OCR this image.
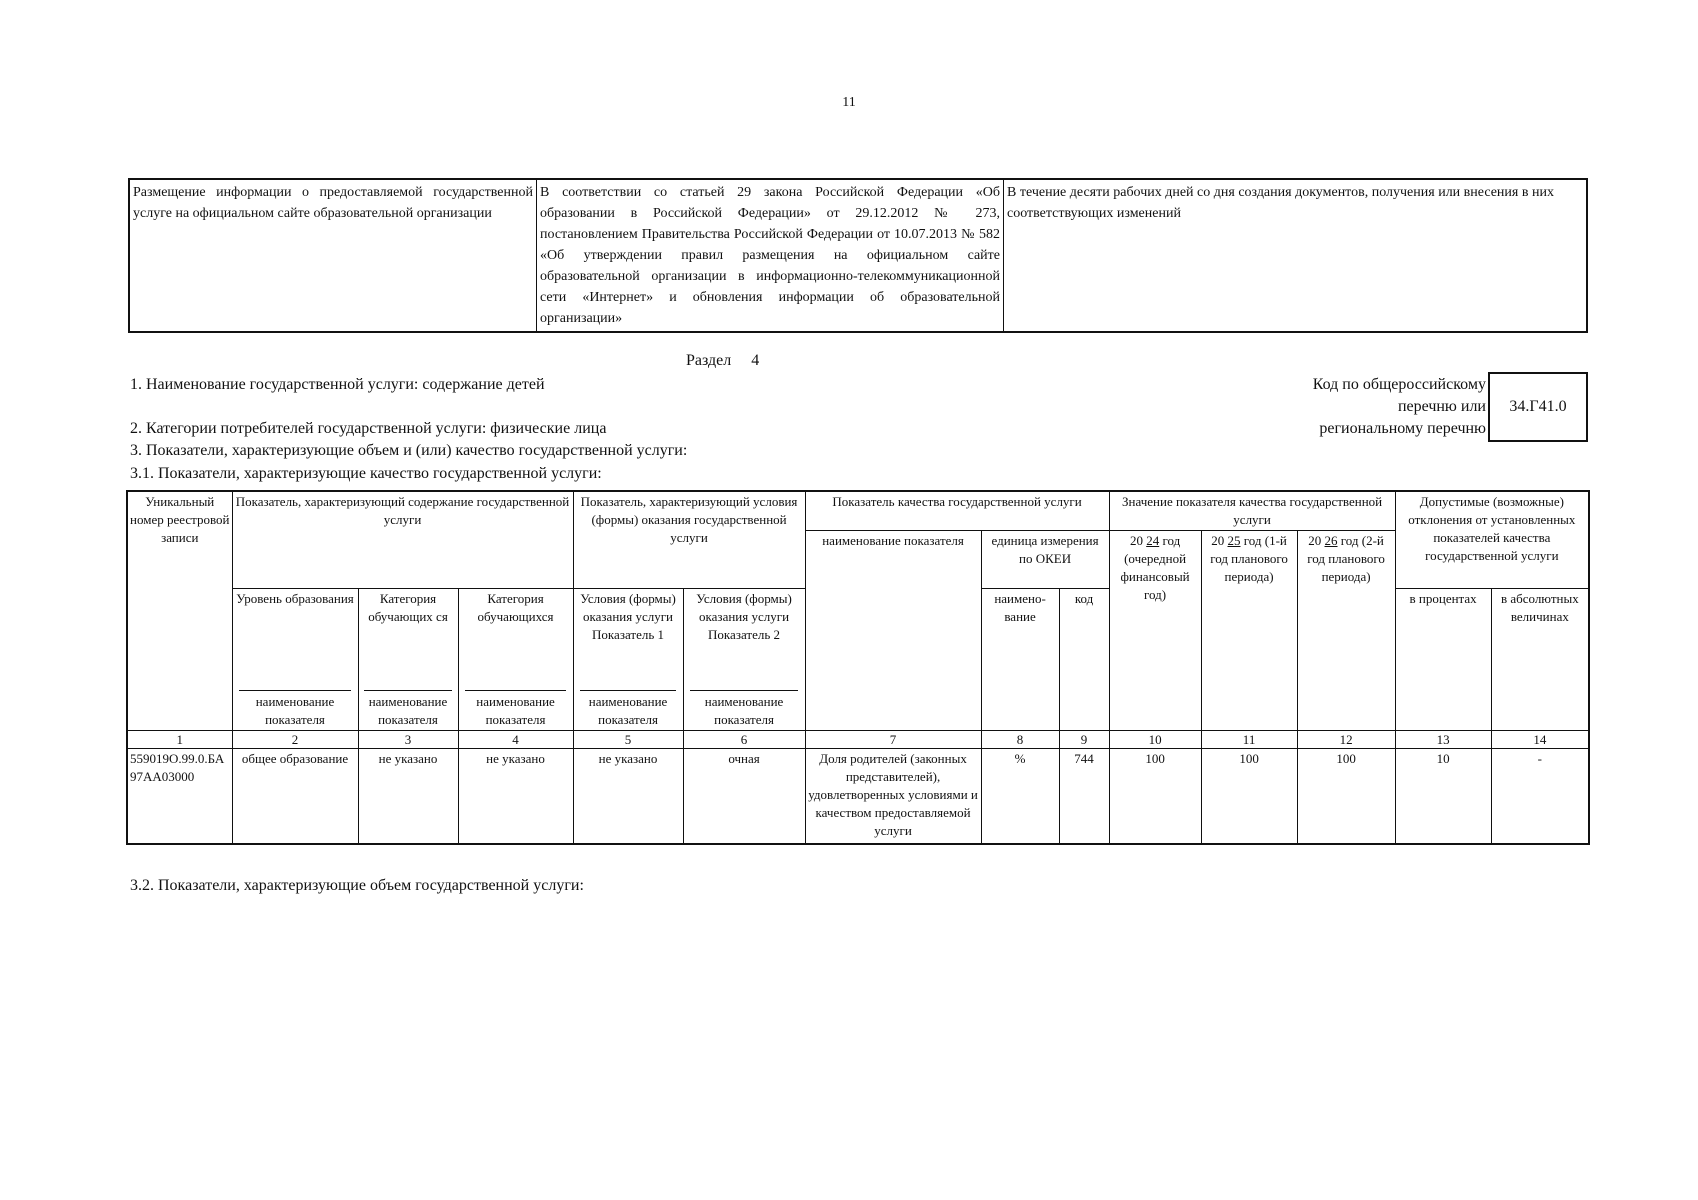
11
Размещение информации о предоставляемой государственной услуге на официальном сайте образовательной организации	В соответствии со статьей 29 закона Российской Федерации «Об образовании в Российской Федерации» от 29.12.2012 № 273, постановлением Правительства Российской Федерации от 10.07.2013 № 582 «Об утверждении правил размещения на официальном сайте образовательной организации в информационно-телекоммуникационной сети «Интернет» и обновления информации об образовательной организации»	В течение десяти рабочих дней со дня создания документов, получения или внесения в них соответствующих изменений
Раздел 4
1. Наименование государственной услуги: содержание детей
2. Категории потребителей государственной услуги: физические лица
3. Показатели, характеризующие объем и (или) качество государственной услуги:
3.1. Показатели, характеризующие качество государственной услуги:
Код по общероссийскому
перечню или
региональному перечню
34.Г41.0
Уникальный номер реестровой записи	Показатель, характеризующий содержание государственной услуги			Показатель, характеризующий условия (формы) оказания государственной услуги		Показатель качества государственной услуги			Значение показателя качества государственной услуги			Допустимые (возможные) отклонения от установленных показателей качества государственной услуги	
						наименование показателя	единица измерения по ОКЕИ		20 24 год (очередной финансовый год)	20 25 год (1-й год планового периода)	20 26 год (2-й год планового периода)		
	Уровень образования	Категория обучающих ся	Категория обучающихся	Условия (формы) оказания услуги Показатель 1	Условия (формы) оказания услуги Показатель 2		наимено-вание	код				в процентах	в абсолютных величинах
	наименование показателя	наименование показателя	наименование показателя	наименование показателя	наименование показателя								
1	2	3	4	5	6	7	8	9	10	11	12	13	14
559019О.99.0.БА97АА03000	общее образование	не указано	не указано	не указано	очная	Доля родителей (законных представителей), удовлетворенных условиями и качеством предоставляемой услуги	%	744	100	100	100	10	-
3.2. Показатели, характеризующие объем государственной услуги:
